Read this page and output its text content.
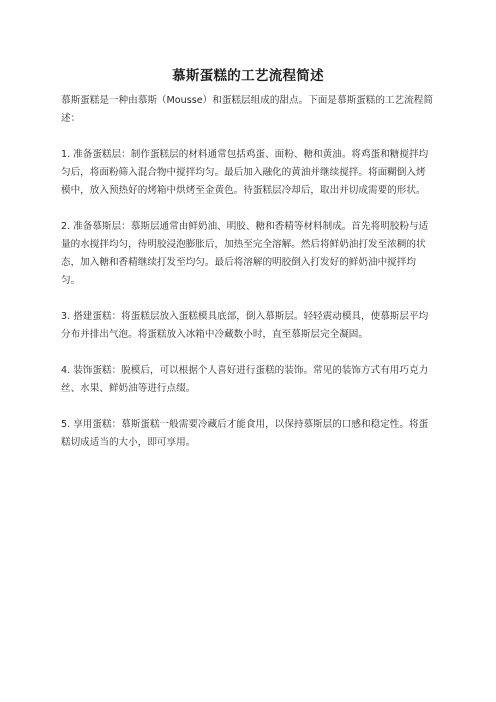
慕斯蛋糕的工艺流程简述

慕斯蛋糕是一种由慕斯（Mousse）和蛋糕层组成的甜点。下面是慕斯蛋糕的工艺流程简述：

1. 准备蛋糕层：制作蛋糕层的材料通常包括鸡蛋、面粉、糖和黄油。将鸡蛋和糖搅拌均匀后，将面粉筛入混合物中搅拌均匀。最后加入融化的黄油并继续搅拌。将面糊倒入烤模中，放入预热好的烤箱中烘烤至金黄色。待蛋糕层冷却后，取出并切成需要的形状。

2. 准备慕斯层：慕斯层通常由鲜奶油、明胶、糖和香精等材料制成。首先将明胶粉与适量的水搅拌均匀，待明胶浸泡膨胀后，加热至完全溶解。然后将鲜奶油打发至浓稠的状态，加入糖和香精继续打发至均匀。最后将溶解的明胶倒入打发好的鲜奶油中搅拌均匀。

3. 搭建蛋糕：将蛋糕层放入蛋糕模具底部，倒入慕斯层。轻轻震动模具，使慕斯层平均分布并排出气泡。将蛋糕放入冰箱中冷藏数小时，直至慕斯层完全凝固。

4. 装饰蛋糕：脱模后，可以根据个人喜好进行蛋糕的装饰。常见的装饰方式有用巧克力丝、水果、鲜奶油等进行点缀。

5. 享用蛋糕：慕斯蛋糕一般需要冷藏后才能食用，以保持慕斯层的口感和稳定性。将蛋糕切成适当的大小，即可享用。
